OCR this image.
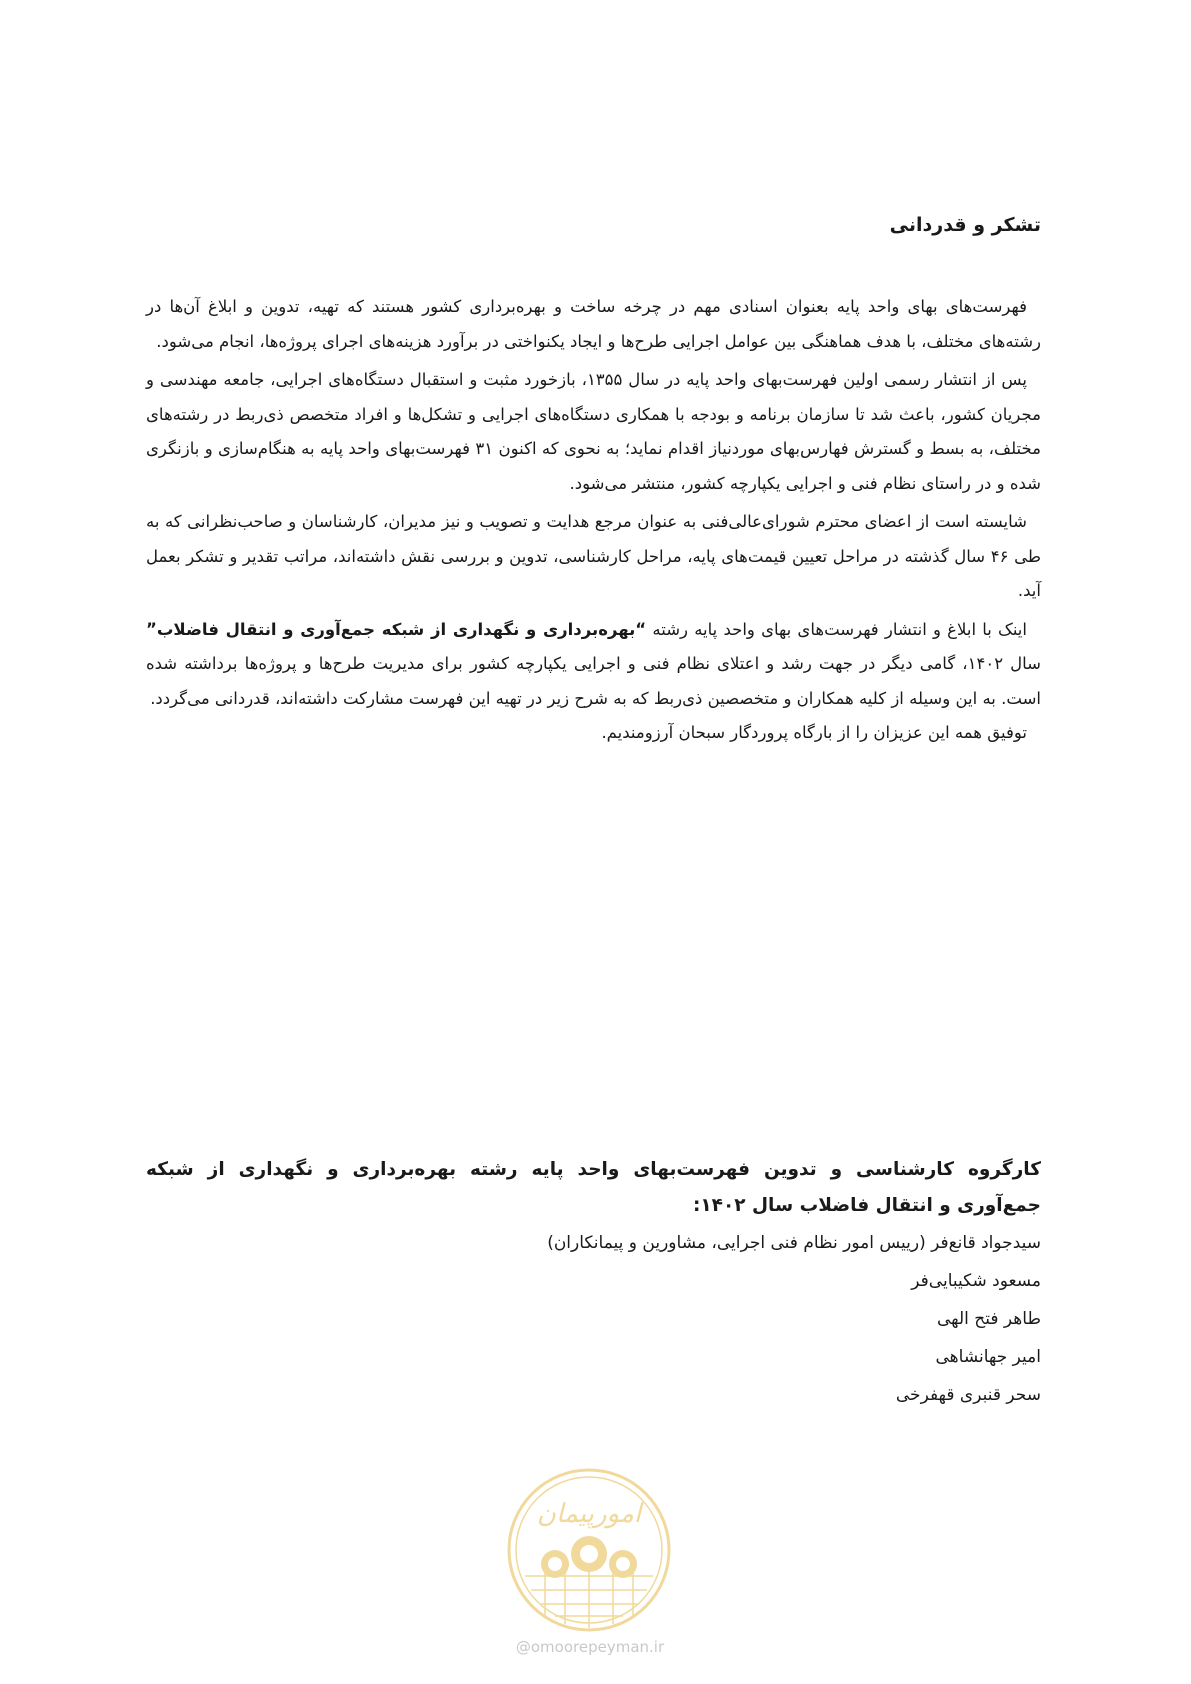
تشکر و قدردانی

فهرست‌های بهای واحد پایه بعنوان اسنادی مهم در چرخه ساخت و بهره‌برداری کشور هستند که تهیه، تدوین و ابلاغ آن‌ها در رشته‌های مختلف، با هدف هماهنگی بین عوامل اجرایی طرح‌ها و ایجاد یکنواختی در برآورد هزینه‌های اجرای پروژه‌ها، انجام می‌شود.

پس از انتشار رسمی اولین فهرست‌بهای واحد پایه در سال ۱۳۵۵، بازخورد مثبت و استقبال دستگاه‌های اجرایی، جامعه مهندسی و مجریان کشور، باعث شد تا سازمان برنامه و بودجه با همکاری دستگاه‌های اجرایی و تشکل‌ها و افراد متخصص ذی‌ربط در رشته‌های مختلف، به بسط و گسترش فهارس‌بهای موردنیاز اقدام نماید؛ به نحوی که اکنون ۳۱ فهرست‌بهای واحد پایه به هنگام‌سازی و بازنگری شده و در راستای نظام فنی و اجرایی یکپارچه کشور، منتشر می‌شود.

شایسته است از اعضای محترم شورای‌عالی‌فنی به عنوان مرجع هدایت و تصویب و نیز مدیران، کارشناسان و صاحب‌نظرانی که به طی ۴۶ سال گذشته در مراحل تعیین قیمت‌های پایه، مراحل کارشناسی، تدوین و بررسی نقش داشته‌اند، مراتب تقدیر و تشکر بعمل آید.

اینک با ابلاغ و انتشار فهرست‌های بهای واحد پایه رشته “بهره‌برداری و نگهداری از شبکه جمع‌آوری و انتقال فاضلاب” سال ۱۴۰۲، گامی دیگر در جهت رشد و اعتلای نظام فنی و اجرایی یکپارچه کشور برای مدیریت طرح‌ها و پروژه‌ها برداشته شده است. به این وسیله از کلیه همکاران و متخصصین ذی‌ربط که به شرح زیر در تهیه این فهرست مشارکت داشته‌اند، قدردانی می‌گردد.

توفیق همه این عزیزان را از بارگاه پروردگار سبحان آرزومندیم.

کارگروه کارشناسی و تدوین فهرست‌بهای واحد پایه رشته بهره‌برداری و نگهداری از شبکه جمع‌آوری و انتقال فاضلاب سال ۱۴۰۲:

سیدجواد قانع‌فر (رییس امور نظام فنی اجرایی، مشاورین و پیمانکاران)
مسعود شکیبایی‌فر
طاهر فتح الهی
امیر جهانشاهی
سحر قنبری قهفرخی
امورپیمان
@omoorepeyman.ir
